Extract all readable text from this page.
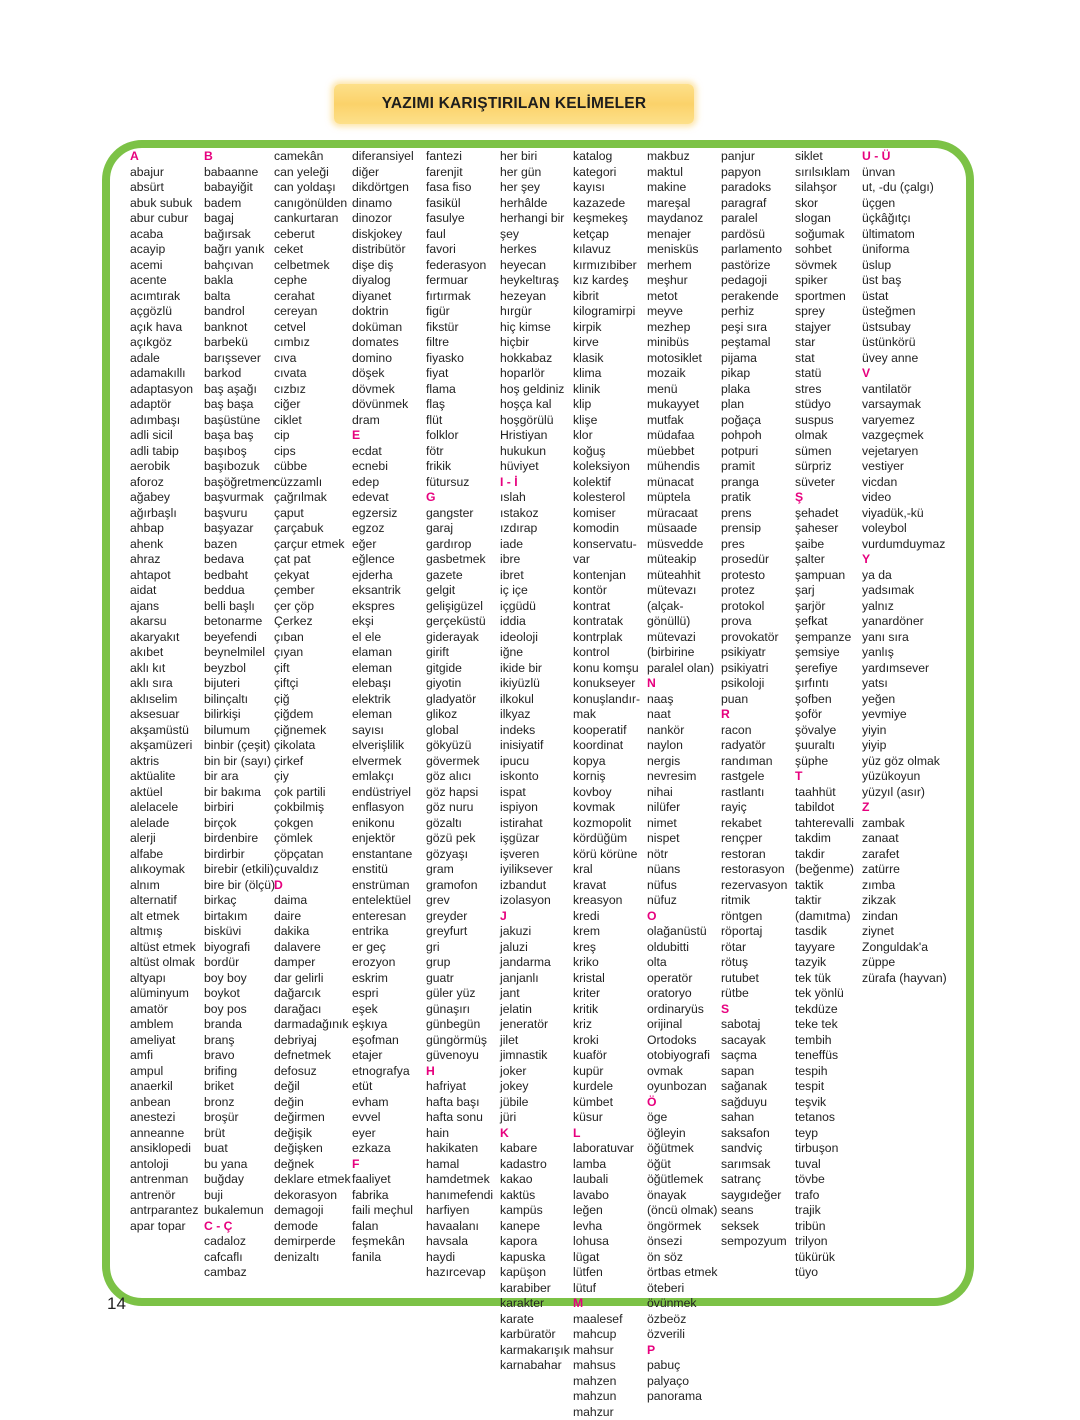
YAZIMI KARIŞTIRILAN KELİMELER
A
abajur
absürt
abuk subuk
abur cubur
acaba
acayip
acemi
acente
acımtırak
açgözlü
açık hava
açıkgöz
adale
adamakıllı
adaptasyon
adaptör
adımbaşı
adli sicil
adli tabip
aerobik
aforoz
ağabey
ağırbaşlı
ahbap
ahenk
ahraz
ahtapot
aidat
ajans
akarsu
akaryakıt
akıbet
aklı kıt
aklı sıra
aklıselim
aksesuar
akşamüstü
akşamüzeri
aktris
aktüalite
aktüel
alelacele
alelade
alerji
alfabe
alıkoymak
alnım
alternatif
alt etmek
altmış
altüst etmek
altüst olmak
altyapı
alüminyum
amatör
amblem
ameliyat
amfi
ampul
anaerkil
anbean
anestezi
anneanne
ansiklopedi
antoloji
antrenman
antrenör
antrparantez
apar topar
B
babaanne
babayiğit
badem
bagaj
bağırsak
bağrı yanık
bahçıvan
bakla
balta
bandrol
banknot
barbekü
barışsever
barkod
baş aşağı
baş başa
başüstüne
başa baş
başıboş
başıbozuk
başöğretmen
başvurmak
başvuru
başyazar
bazen
bedava
bedbaht
beddua
belli başlı
betonarme
beyefendi
beynelmilel
beyzbol
bijuteri
bilinçaltı
bilirkişi
bilumum
binbir (çeşit)
bin bir (sayı)
bir ara
bir bakıma
birbiri
birçok
birdenbire
birdirbir
birebir (etkili)
bire bir (ölçü)
birkaç
birtakım
bisküvi
biyografi
bordür
boy boy
boykot
boy pos
branda
branş
bravo
brifing
briket
bronz
broşür
brüt
buat
bu yana
buğday
buji
bukalemun
C - Ç
cadaloz
cafcaflı
cambaz
camekân
can yeleği
can yoldaşı
canıgönülden
cankurtaran
ceberut
ceket
celbetmek
cephe
cerahat
cereyan
cetvel
cımbız
cıva
cıvata
cızbız
ciğer
ciklet
cip
cips
cübbe
cüzzamlı
çağrılmak
çaput
çarçabuk
çarçur etmek
çat pat
çekyat
çember
çer çöp
Çerkez
çıban
çıyan
çift
çiftçi
çiğ
çiğdem
çiğnemek
çikolata
çirkef
çiy
çok partili
çokbilmiş
çokgen
çömlek
çöpçatan
çuvaldız
D
daima
daire
dakika
dalavere
damper
dar gelirli
dağarcık
darağacı
darmadağınık
debriyaj
defnetmek
defosuz
değil
değin
değirmen
değişik
değişken
değnek
deklare etmek
dekorasyon
demagoji
demode
demirperde
denizaltı
diferansiyel
diğer
dikdörtgen
dinamo
dinozor
diskjokey
distribütör
dişe diş
diyalog
diyanet
doktrin
doküman
domates
domino
döşek
dövmek
dövünmek
dram
E
ecdat
ecnebi
edep
edevat
egzersiz
egzoz
eğer
eğlence
ejderha
eksantrik
ekspres
ekşi
el ele
elaman
eleman
elebaşı
elektrik
eleman
sayısı
elverişlilik
elvermek
emlakçı
endüstriyel
enflasyon
enikonu
enjektör
enstantane
enstitü
enstrüman
entelektüel
enteresan
entrika
er geç
erozyon
eskrim
espri
eşek
eşkıya
eşofman
etajer
etnografya
etüt
evham
evvel
eyer
ezkaza
F
faaliyet
fabrika
faili meçhul
falan
feşmekân
fanila
fantezi
farenjit
fasa fiso
fasikül
fasulye
faul
favori
federasyon
fermuar
fırtırmak
figür
fikstür
filtre
fiyasko
fiyat
flama
flaş
flüt
folklor
fötr
frikik
fütursuz
G
gangster
garaj
gardırop
gasbetmek
gazete
gelgit
gelişigüzel
gerçeküstü
giderayak
girift
gitgide
giyotin
gladyatör
glikoz
global
gökyüzü
gövermek
göz alıcı
göz hapsi
göz nuru
gözaltı
gözü pek
gözyaşı
gram
gramofon
grev
greyder
greyfurt
gri
grup
guatr
güler yüz
günaşırı
günbegün
güngörmüş
güvenoyu
H
hafriyat
hafta başı
hafta sonu
hain
hakikaten
hamal
hamdetmek
hanımefendi
harfiyen
havaalanı
havsala
haydi
hazırcevap
her biri
her gün
her şey
herhâlde
herhangi bir
şey
herkes
heyecan
heykeltıraş
hezeyan
hırgür
hiç kimse
hiçbir
hokkabaz
hoparlör
hoş geldiniz
hoşça kal
hoşgörülü
Hristiyan
hukukun
hüviyet
I - İ
ıslah
ıstakoz
ızdırap
iade
ibre
ibret
iç içe
içgüdü
iddia
ideoloji
iğne
ikide bir
ikiyüzlü
ilkokul
ilkyaz
indeks
inisiyatif
ipucu
iskonto
ispat
ispiyon
istirahat
işgüzar
işveren
iyiliksever
izbandut
izolasyon
J
jakuzi
jaluzi
jandarma
janjanlı
jant
jelatin
jeneratör
jilet
jimnastik
joker
jokey
jübile
jüri
K
kabare
kadastro
kakao
kaktüs
kampüs
kanepe
kapora
kapuska
kapüşon
karabiber
karakter
karate
karbüratör
karmakarışık
karnabahar
katalog
kategori
kayısı
kazazede
keşmekeş
ketçap
kılavuz
kırmızıbiber
kız kardeş
kibrit
kilogramirpi
kirpik
kirve
klasik
klima
klinik
klip
klişe
klor
koğuş
koleksiyon
kolektif
kolesterol
komiser
komodin
konservatu-
var
kontenjan
kontör
kontrat
kontratak
kontrplak
kontrol
konu komşu
konukseyer
konuşlandır-
mak
kooperatif
koordinat
kopya
korniş
kovboy
kovmak
kozmopolit
kördüğüm
körü körüne
kral
kravat
kreasyon
kredi
krem
kreş
kriko
kristal
kriter
kritik
kriz
kroki
kuaför
kupür
kurdele
kümbet
küsur
L
laboratuvar
lamba
laubali
lavabo
leğen
levha
lohusa
lügat
lütfen
lütuf
M
maalesef
mahcup
mahsur
mahsus
mahzen
mahzun
mahzur
makbuz
maktul
makine
mareşal
maydanoz
menajer
menisküs
merhem
meşhur
metot
meyve
mezhep
minibüs
motosiklet
mozaik
menü
mukayyet
mutfak
müdafaa
müebbet
mühendis
münacat
müptela
müracaat
müsaade
müsvedde
müteakip
müteahhit
mütevazı
(alçak-
gönüllü)
mütevazi
(birbirine
paralel olan)
N
naaş
naat
nankör
naylon
nergis
nevresim
nihai
nilüfer
nimet
nispet
nötr
nüans
nüfus
nüfuz
O
olağanüstü
oldubitti
olta
operatör
oratoryo
ordinaryüs
orijinal
Ortodoks
otobiyografi
ovmak
oyunbozan
Ö
öge
öğleyin
öğütmek
öğüt
öğütlemek
önayak
(öncü olmak)
öngörmek
önsezi
ön söz
örtbas etmek
öteberi
övünmek
özbeöz
özverili
P
pabuç
palyaço
panorama
panjur
papyon
paradoks
paragraf
paralel
pardösü
parlamento
pastörize
pedagoji
perakende
perhiz
peşi sıra
peştamal
pijama
pikap
plaka
plan
poğaça
pohpoh
potpuri
pramit
pranga
pratik
prens
prensip
pres
prosedür
protesto
protez
protokol
prova
provokatör
psikiyatr
psikiyatri
psikoloji
puan
R
racon
radyatör
randıman
rastgele
rastlantı
rayiç
rekabet
rençper
restoran
restorasyon
rezervasyon
ritmik
röntgen
röportaj
rötar
rötuş
rutubet
rütbe
S
sabotaj
sacayak
saçma
sapan
sağanak
sağduyu
sahan
saksafon
sandviç
sarımsak
satranç
saygıdeğer
seans
seksek
sempozyum
siklet
sırılsıklam
silahşor
skor
slogan
soğumak
sohbet
sövmek
spiker
sportmen
sprey
stajyer
star
stat
statü
stres
stüdyo
suspus
olmak
sümen
sürpriz
süveter
Ş
şehadet
şaheser
şaibe
şalter
şampuan
şarj
şarjör
şefkat
şempanze
şemsiye
şerefiye
şırfıntı
şofben
şoför
şövalye
şuuraltı
şüphe
T
taahhüt
tabildot
tahterevalli
takdim
takdir
(beğenme)
taktik
taktir
(damıtma)
tasdik
tayyare
tazyik
tek tük
tek yönlü
tekdüze
teke tek
tembih
teneffüs
tespih
tespit
teşvik
tetanos
teyp
tirbuşon
tuval
tövbe
trafo
trajik
tribün
trilyon
tükürük
tüyo
U - Ü
ünvan
ut, -du (çalgı)
üçgen
üçkâğıtçı
ültimatom
üniforma
üslup
üst baş
üstat
üsteğmen
üstsubay
üstünkörü
üvey anne
V
vantilatör
varsaymak
varyemez
vazgeçmek
vejetaryen
vestiyer
vicdan
video
viyadük,-kü
voleybol
vurdumduymaz
Y
ya da
yadsımak
yalnız
yanardöner
yanı sıra
yanlış
yardımsever
yatsı
yeğen
yevmiye
yiyin
yiyip
yüz göz olmak
yüzükoyun
yüzyıl (asır)
Z
zambak
zanaat
zarafet
zatürre
zımba
zikzak
zindan
ziynet
Zonguldak'a
züppe
zürafa (hayvan)
14
